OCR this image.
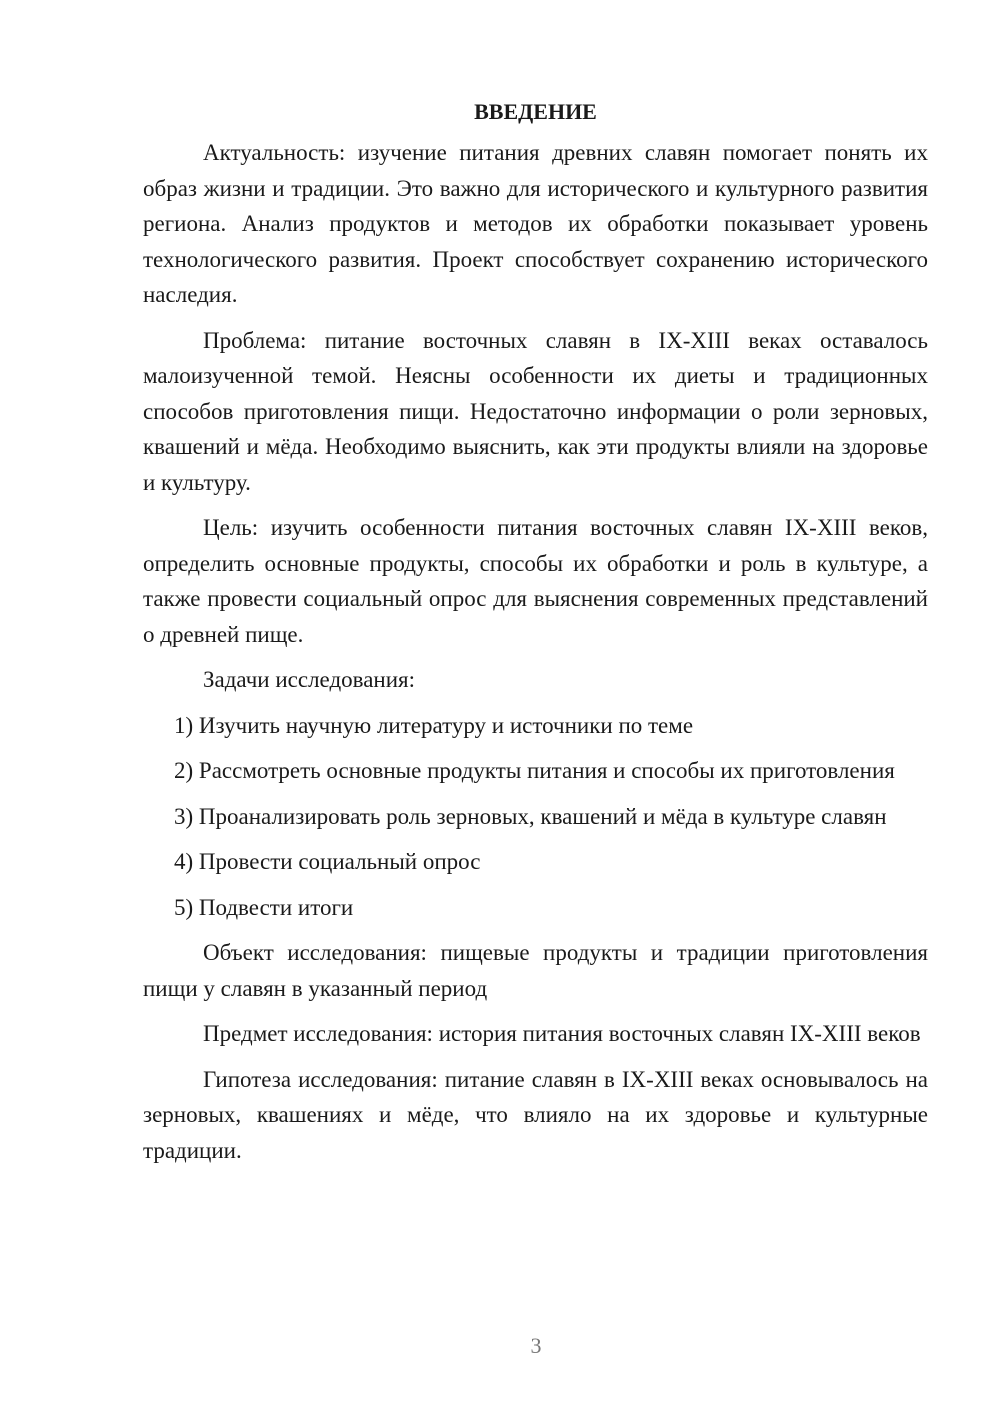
ВВЕДЕНИЕ

Актуальность: изучение питания древних славян помогает понять их образ жизни и традиции. Это важно для исторического и культурного развития региона. Анализ продуктов и методов их обработки показывает уровень технологического развития. Проект способствует сохранению исторического наследия.

Проблема: питание восточных славян в IX-XIII веках оставалось малоизученной темой. Неясны особенности их диеты и традиционных способов приготовления пищи. Недостаточно информации о роли зерновых, квашений и мёда. Необходимо выяснить, как эти продукты влияли на здоровье и культуру.

Цель: изучить особенности питания восточных славян IX-XIII веков, определить основные продукты, способы их обработки и роль в культуре, а также провести социальный опрос для выяснения современных представлений о древней пище.

Задачи исследования:

1) Изучить научную литературу и источники по теме
2) Рассмотреть основные продукты питания и способы их приготовления
3) Проанализировать роль зерновых, квашений и мёда в культуре славян
4) Провести социальный опрос
5) Подвести итоги

Объект исследования: пищевые продукты и традиции приготовления пищи у славян в указанный период

Предмет исследования: история питания восточных славян IX-XIII веков

Гипотеза исследования: питание славян в IX-XIII веках основывалось на зерновых, квашениях и мёде, что влияло на их здоровье и культурные традиции.

3
